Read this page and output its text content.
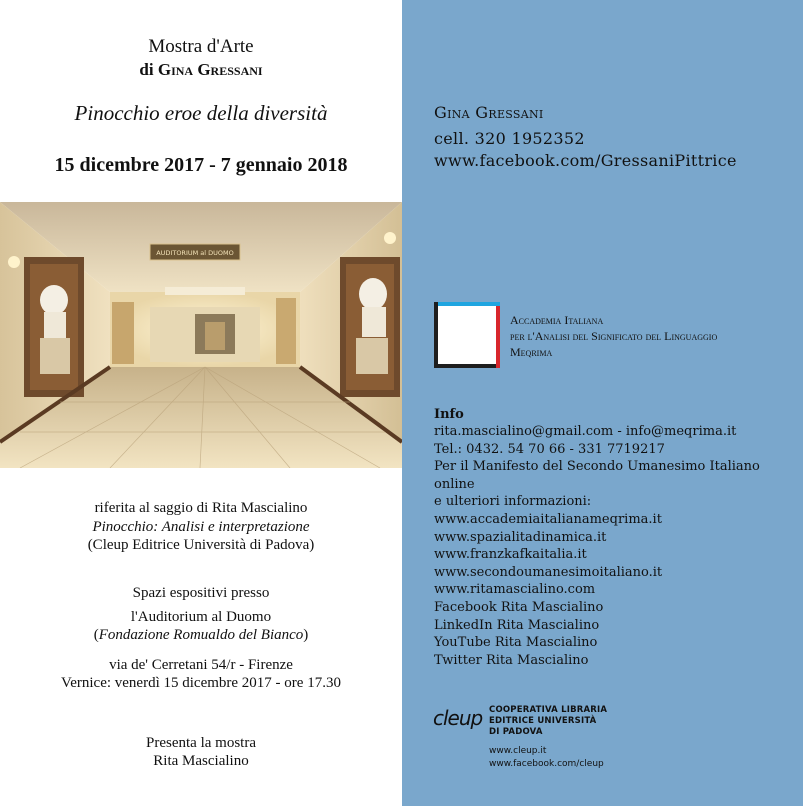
Mostra d'Arte
di Gina Gressani
Pinocchio eroe della diversità
15 dicembre 2017 - 7 gennaio 2018
AUDITORIUM al DUOMO
riferita al saggio di Rita Mascialino
Pinocchio: Analisi e interpretazione
(Cleup Editrice Università di Padova)
Spazi espositivi presso
l'Auditorium al Duomo
(Fondazione Romualdo del Bianco)
via de' Cerretani 54/r - Firenze
Vernice: venerdì 15 dicembre 2017 - ore 17.30
Presenta la mostra
Rita Mascialino
Gina Gressani
cell. 320 1952352
www.facebook.com/GressaniPittrice
Accademia Italiana
per l'Analisi del Significato del Linguaggio
Meqrima
Info
rita.mascialino@gmail.com - info@meqrima.it
Tel.: 0432. 54 70 66 - 331 7719217
Per il Manifesto del Secondo Umanesimo Italiano
online
e ulteriori informazioni:
www.accademiaitalianameqrima.it
www.spazialitadinamica.it
www.franzkafkaitalia.it
www.secondoumanesimoitaliano.it
www.ritamascialino.com
Facebook Rita Mascialino
LinkedIn Rita Mascialino
YouTube Rita Mascialino
Twitter Rita Mascialino
cleup COOPERATIVA LIBRARIA
EDITRICE UNIVERSITÀ
DI PADOVA
www.cleup.it
www.facebook.com/cleup
